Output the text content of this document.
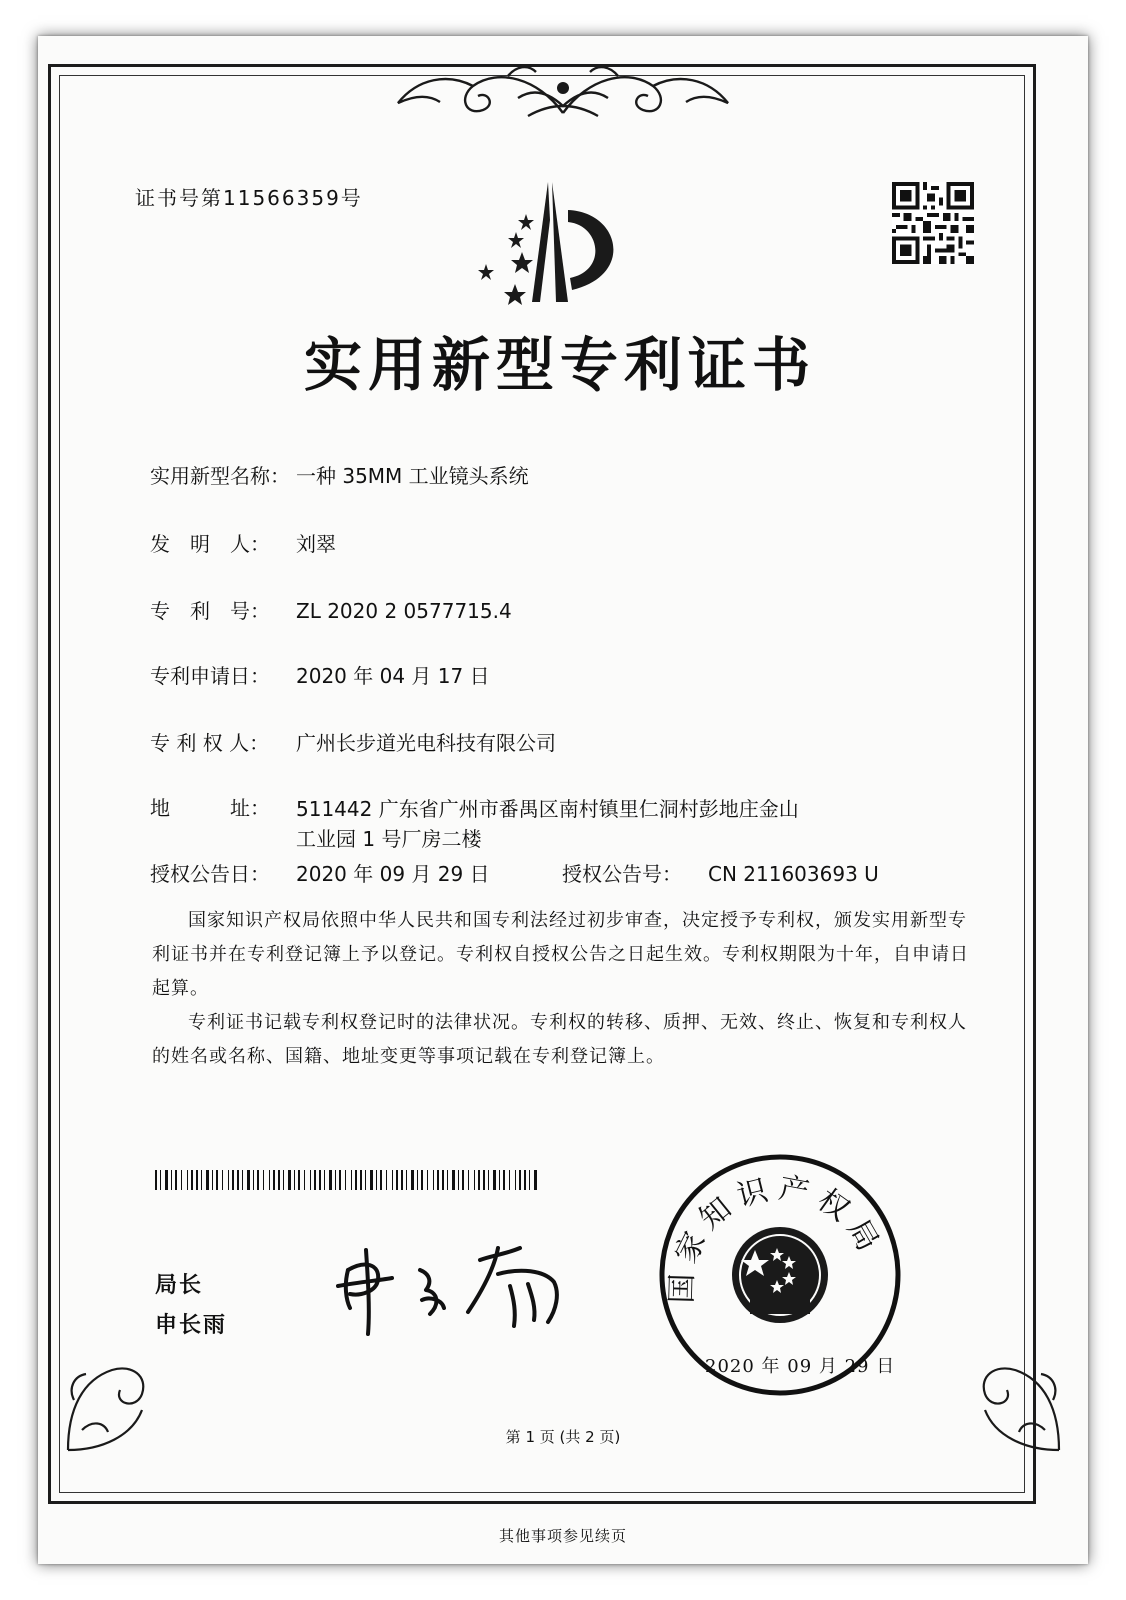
证书号第11566359号
实用新型专利证书
实用新型名称： 一种 35MM 工业镜头系统
发　明　人： 刘翠
专　利　号： ZL 2020 2 0577715.4
专利申请日： 2020 年 04 月 17 日
专 利 权 人： 广州长步道光电科技有限公司
地　　　址： 511442 广东省广州市番禺区南村镇里仁洞村彭地庄金山
工业园 1 号厂房二楼
授权公告日： 2020 年 09 月 29 日	授权公告号： CN 211603693 U
国家知识产权局依照中华人民共和国专利法经过初步审查，决定授予专利权，颁发实用新型专利证书并在专利登记簿上予以登记。专利权自授权公告之日起生效。专利权期限为十年，自申请日起算。
专利证书记载专利权登记时的法律状况。专利权的转移、质押、无效、终止、恢复和专利权人的姓名或名称、国籍、地址变更等事项记载在专利登记簿上。
局长
申长雨
国家知识产权局
2020 年 09 月 29 日
第 1 页 (共 2 页)
其他事项参见续页
